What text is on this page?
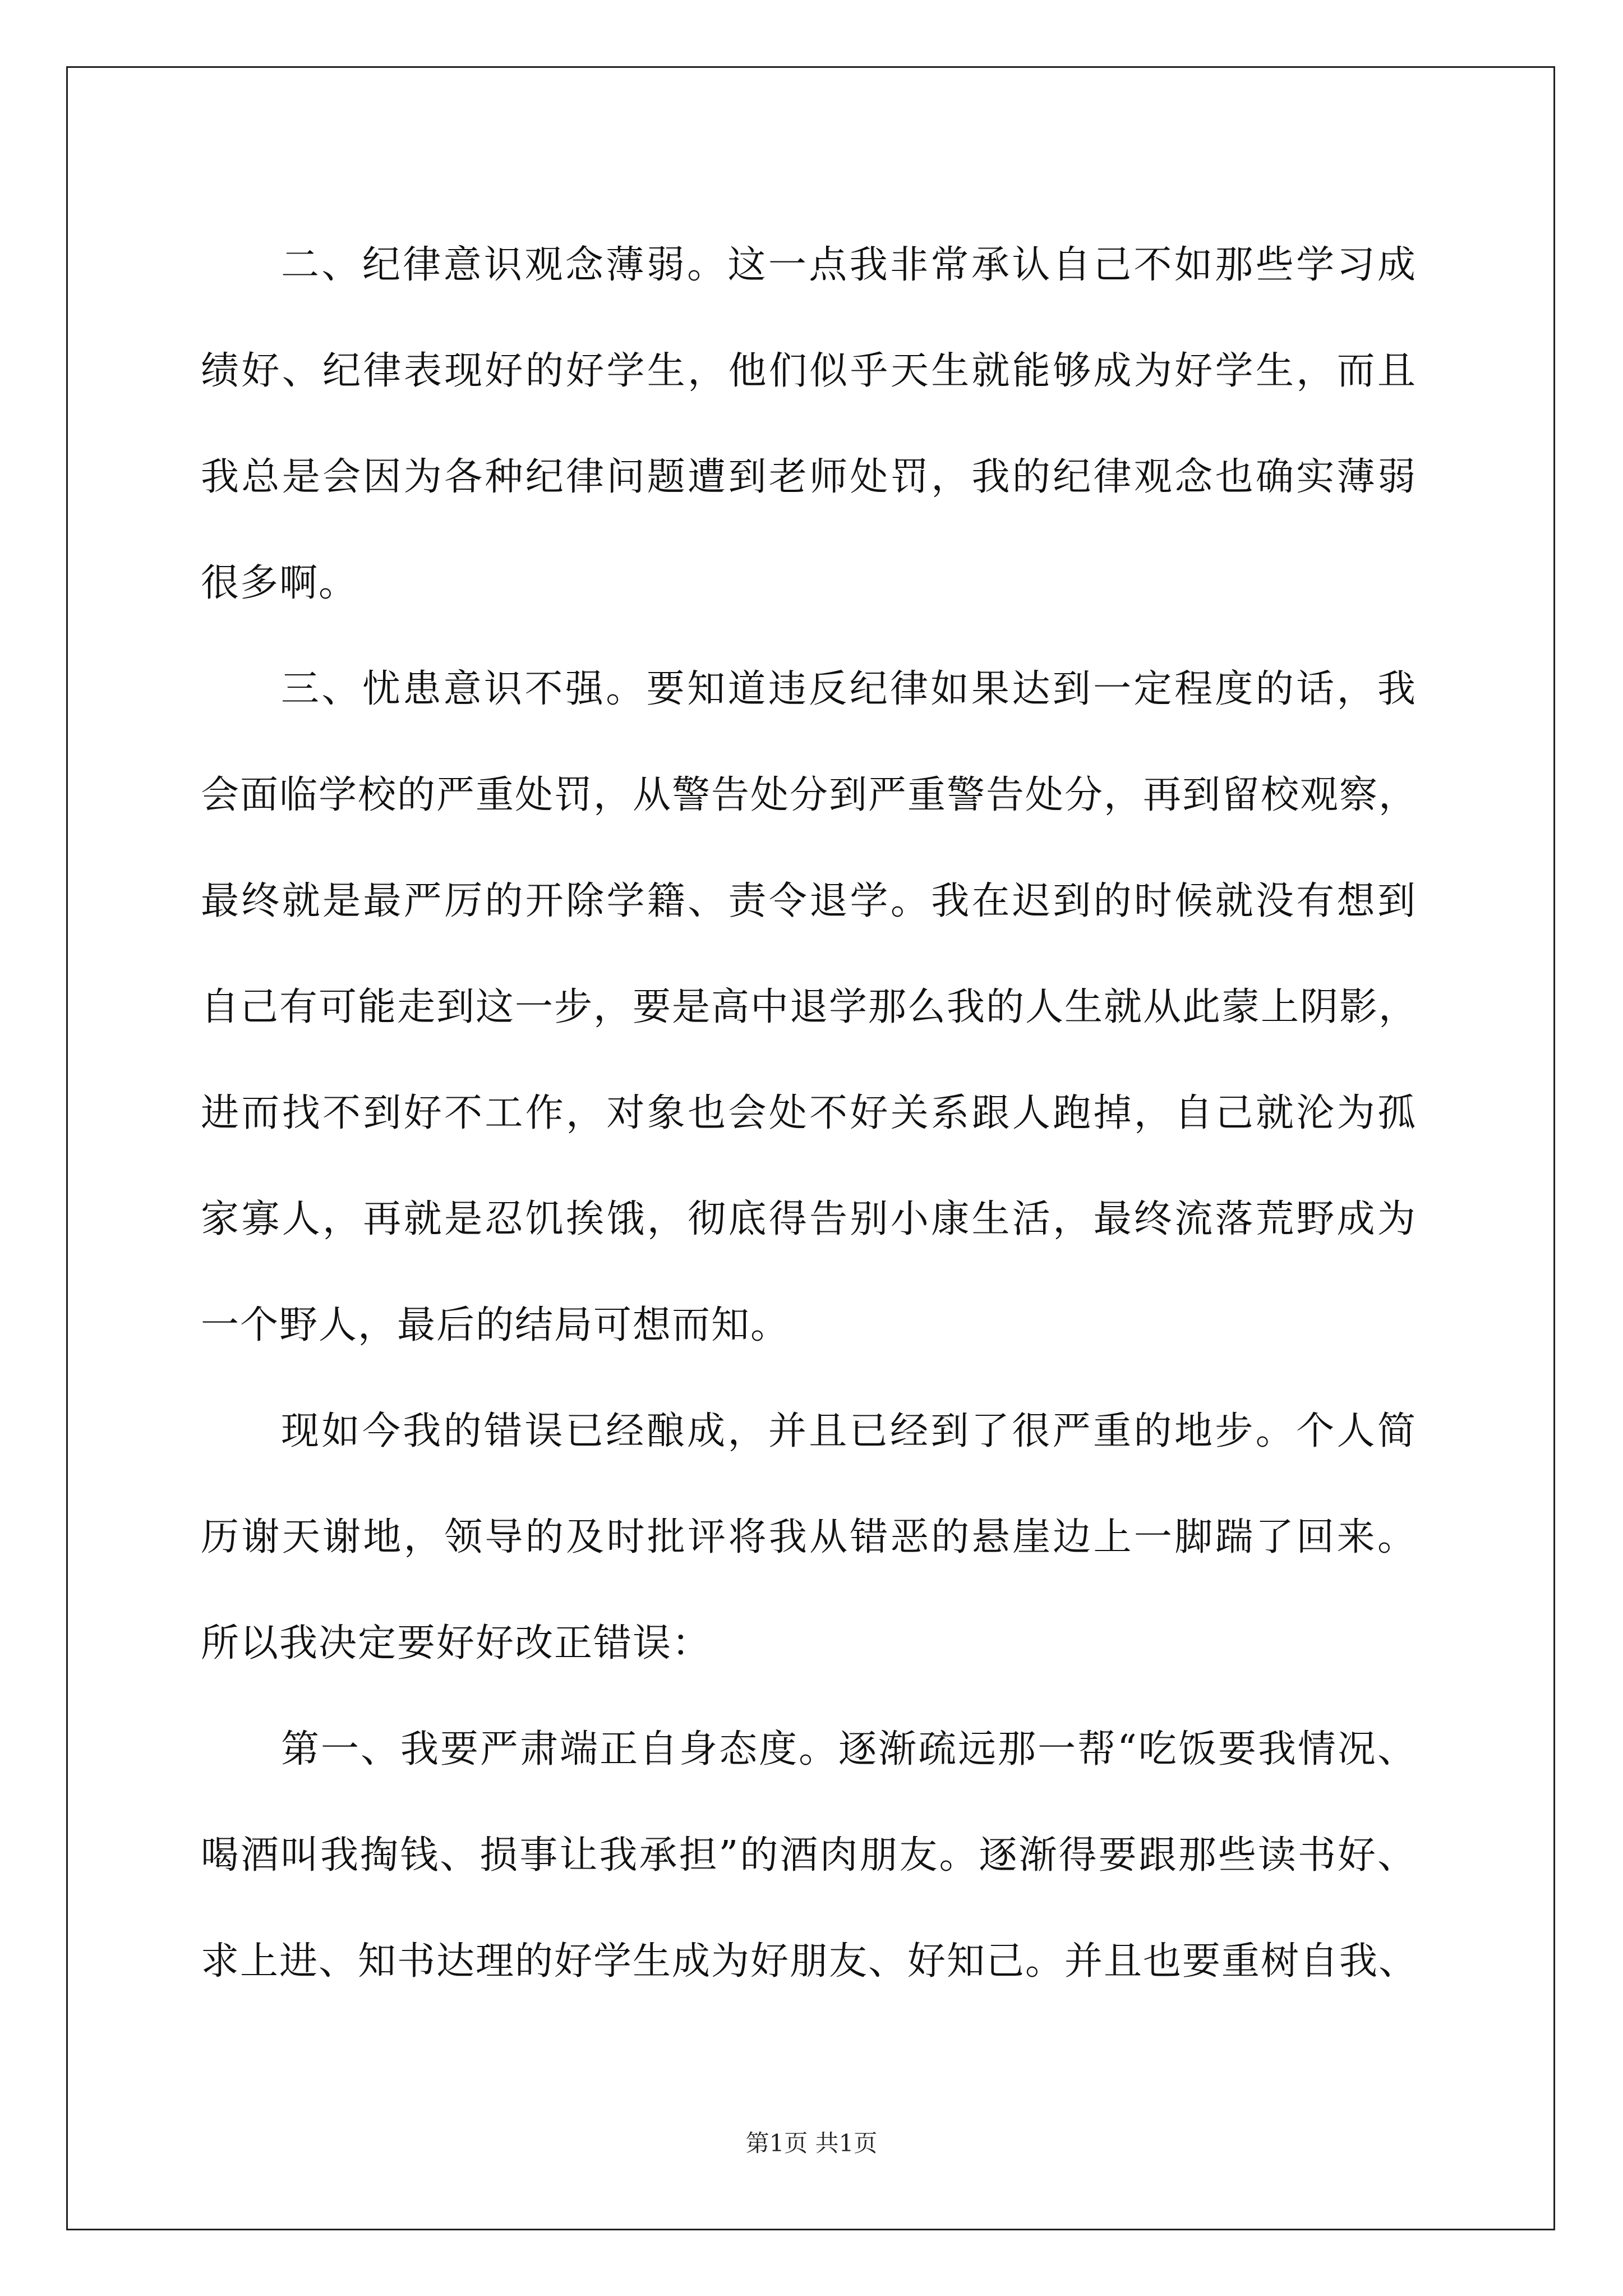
二、纪律意识观念薄弱。这一点我非常承认自己不如那些学习成
绩好、纪律表现好的好学生，他们似乎天生就能够成为好学生，而且
我总是会因为各种纪律问题遭到老师处罚，我的纪律观念也确实薄弱
很多啊。
三、忧患意识不强。要知道违反纪律如果达到一定程度的话，我
会面临学校的严重处罚，从警告处分到严重警告处分，再到留校观察，
最终就是最严厉的开除学籍、责令退学。我在迟到的时候就没有想到
自己有可能走到这一步，要是高中退学那么我的人生就从此蒙上阴影，
进而找不到好不工作，对象也会处不好关系跟人跑掉，自己就沦为孤
家寡人，再就是忍饥挨饿，彻底得告别小康生活，最终流落荒野成为
一个野人，最后的结局可想而知。
现如今我的错误已经酿成，并且已经到了很严重的地步。个人简
历谢天谢地，领导的及时批评将我从错恶的悬崖边上一脚踹了回来。
所以我决定要好好改正错误：
第一、我要严肃端正自身态度。逐渐疏远那一帮“吃饭要我情况、
喝酒叫我掏钱、损事让我承担”的酒肉朋友。逐渐得要跟那些读书好、
求上进、知书达理的好学生成为好朋友、好知己。并且也要重树自我、
第1页 共1页
